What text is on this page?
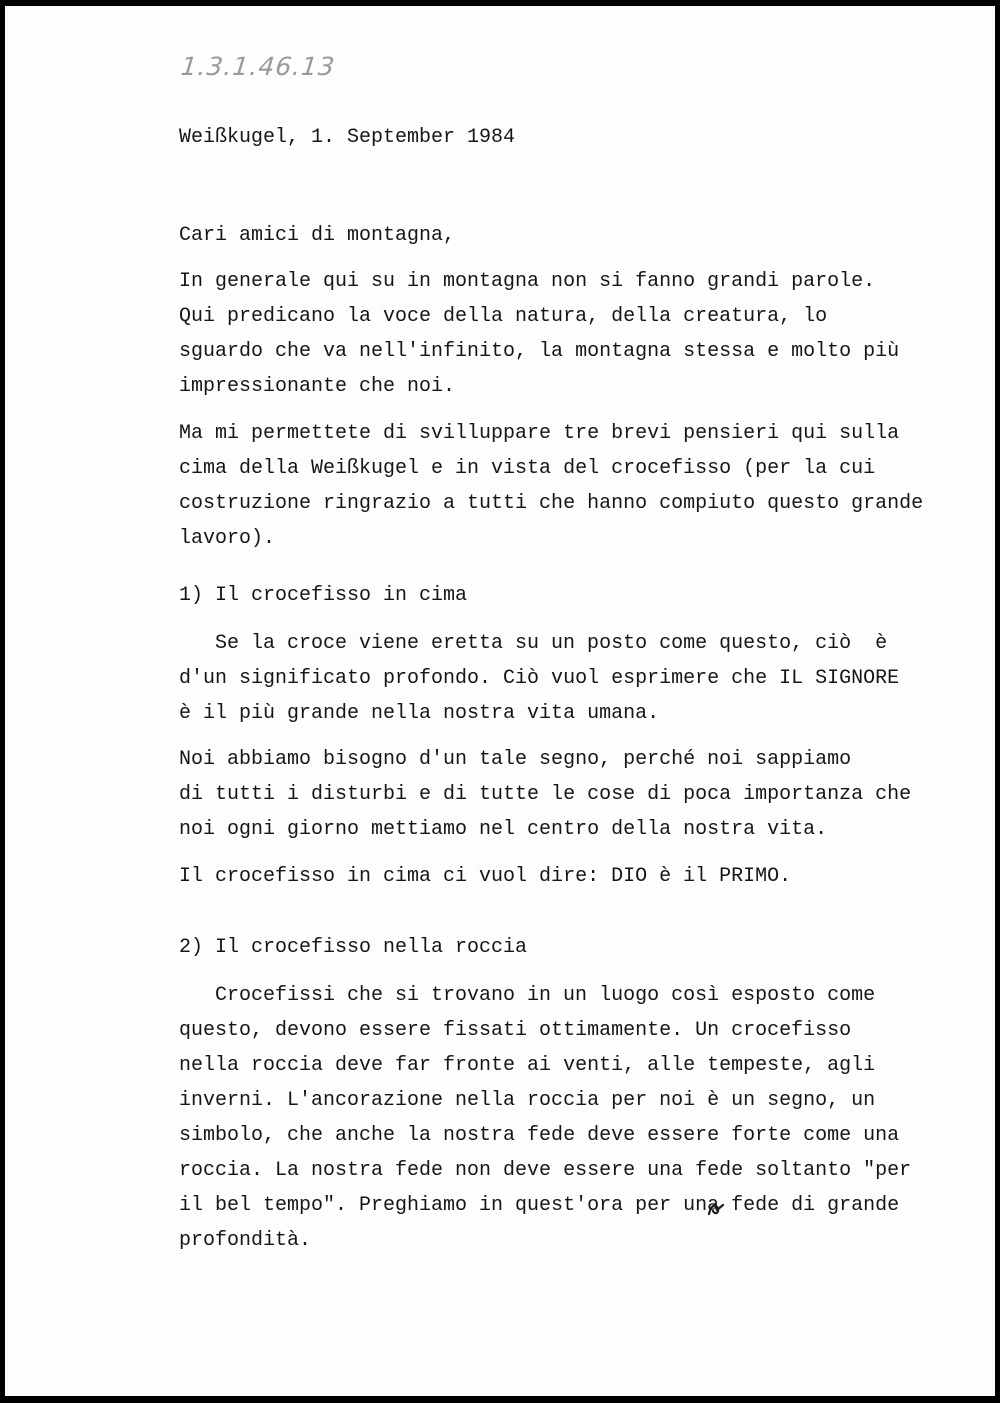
1.3.1.46.13
Weißkugel, 1. September 1984
Cari amici di montagna,
In generale qui su in montagna non si fanno grandi parole.
Qui predicano la voce della natura, della creatura, lo
sguardo che va nell'infinito, la montagna stessa e molto più
impressionante che noi.
Ma mi permettete di svilluppare tre brevi pensieri qui sulla
cima della Weißkugel e in vista del crocefisso (per la cui
costruzione ringrazio a tutti che hanno compiuto questo grande
lavoro).
1) Il crocefisso in cima
Se la croce viene eretta su un posto come questo, ciò  è
d'un significato profondo. Ciò vuol esprimere che IL SIGNORE
è il più grande nella nostra vita umana.
Noi abbiamo bisogno d'un tale segno, perché noi sappiamo
di tutti i disturbi e di tutte le cose di poca importanza che
noi ogni giorno mettiamo nel centro della nostra vita.
Il crocefisso in cima ci vuol dire: DIO è il PRIMO.
2) Il crocefisso nella roccia
Crocefissi che si trovano in un luogo così esposto come
questo, devono essere fissati ottimamente. Un crocefisso
nella roccia deve far fronte ai venti, alle tempeste, agli
inverni. L'ancorazione nella roccia per noi è un segno, un
simbolo, che anche la nostra fede deve essere forte come una
roccia. La nostra fede non deve essere una fede soltanto "per
il bel tempo". Preghiamo in quest'ora per una fede di grande
profondità.
